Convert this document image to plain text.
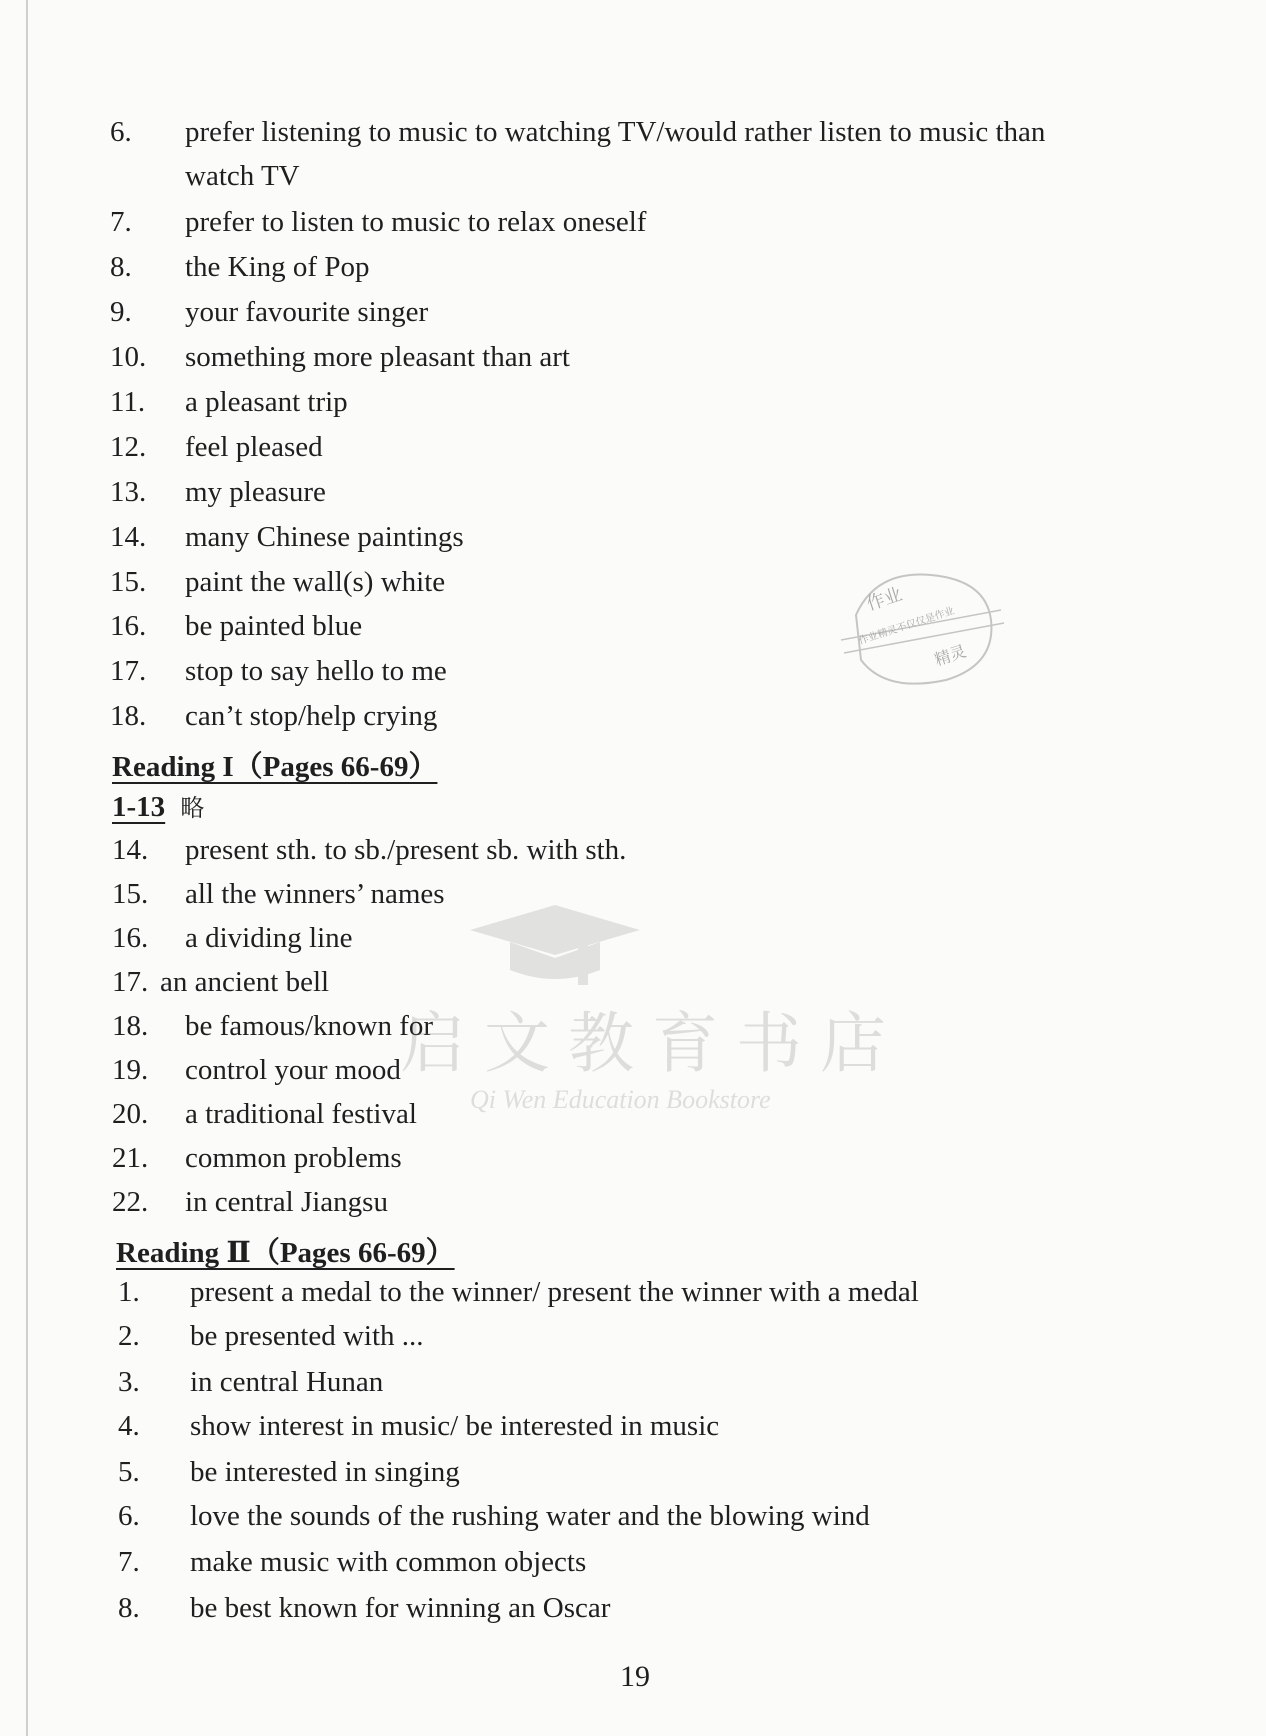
6. prefer listening to music to watching TV/would rather listen to music than
watch TV
7. prefer to listen to music to relax oneself
8. the King of Pop
9. your favourite singer
10. something more pleasant than art
11. a pleasant trip
12. feel pleased
13. my pleasure
14. many Chinese paintings
15. paint the wall(s) white
16. be painted blue
17. stop to say hello to me
18. can’t stop/help crying
Reading I（Pages 66-69）
1-13 略
14. present sth. to sb./present sb. with sth.
15. all the winners’ names
16. a dividing line
17. an ancient bell
18. be famous/known for
19. control your mood
20. a traditional festival
21. common problems
22. in central Jiangsu
Reading Ⅱ（Pages 66-69）
1. present a medal to the winner/ present the winner with a medal
2. be presented with ...
3. in central Hunan
4. show interest in music/ be interested in music
5. be interested in singing
6. love the sounds of the rushing water and the blowing wind
7. make music with common objects
8. be best known for winning an Oscar
19
启文教育书店
Qi Wen Education Bookstore
作业
作业精灵不仅仅是作业
精灵
